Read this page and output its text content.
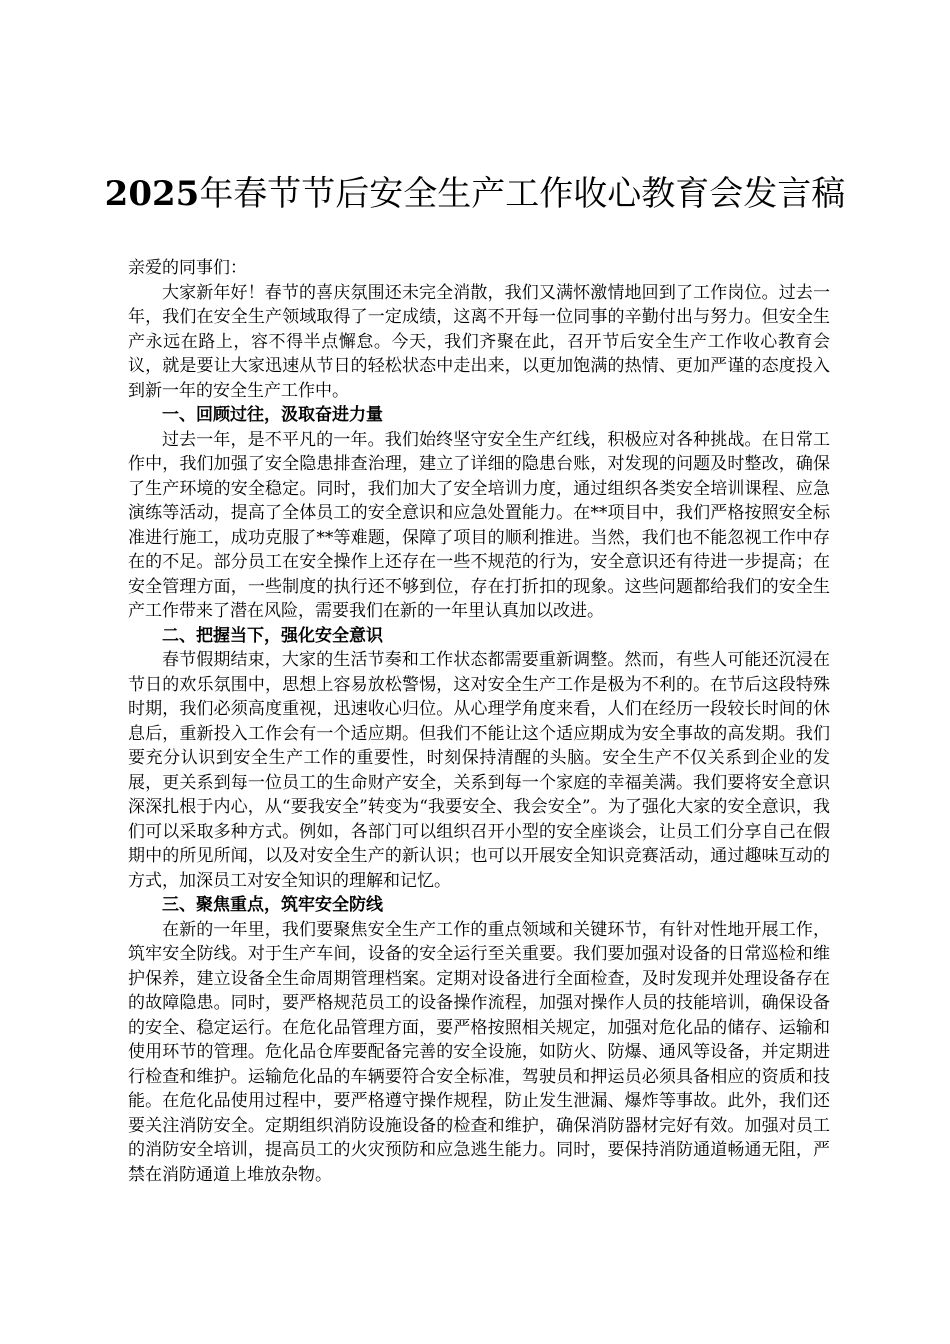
2025年春节节后安全生产工作收心教育会发言稿

亲爱的同事们：

大家新年好！春节的喜庆氛围还未完全消散，我们又满怀激情地回到了工作岗位。过去一年，我们在安全生产领域取得了一定成绩，这离不开每一位同事的辛勤付出与努力。但安全生产永远在路上，容不得半点懈怠。今天，我们齐聚在此，召开节后安全生产工作收心教育会议，就是要让大家迅速从节日的轻松状态中走出来，以更加饱满的热情、更加严谨的态度投入到新一年的安全生产工作中。

一、回顾过往，汲取奋进力量

过去一年，是不平凡的一年。我们始终坚守安全生产红线，积极应对各种挑战。在日常工作中，我们加强了安全隐患排查治理，建立了详细的隐患台账，对发现的问题及时整改，确保了生产环境的安全稳定。同时，我们加大了安全培训力度，通过组织各类安全培训课程、应急演练等活动，提高了全体员工的安全意识和应急处置能力。在**项目中，我们严格按照安全标准进行施工，成功克服了**等难题，保障了项目的顺利推进。当然，我们也不能忽视工作中存在的不足。部分员工在安全操作上还存在一些不规范的行为，安全意识还有待进一步提高；在安全管理方面，一些制度的执行还不够到位，存在打折扣的现象。这些问题都给我们的安全生产工作带来了潜在风险，需要我们在新的一年里认真加以改进。

二、把握当下，强化安全意识

春节假期结束，大家的生活节奏和工作状态都需要重新调整。然而，有些人可能还沉浸在节日的欢乐氛围中，思想上容易放松警惕，这对安全生产工作是极为不利的。在节后这段特殊时期，我们必须高度重视，迅速收心归位。从心理学角度来看，人们在经历一段较长时间的休息后，重新投入工作会有一个适应期。但我们不能让这个适应期成为安全事故的高发期。我们要充分认识到安全生产工作的重要性，时刻保持清醒的头脑。安全生产不仅关系到企业的发展，更关系到每一位员工的生命财产安全，关系到每一个家庭的幸福美满。我们要将安全意识深深扎根于内心，从“要我安全”转变为“我要安全、我会安全”。为了强化大家的安全意识，我们可以采取多种方式。例如，各部门可以组织召开小型的安全座谈会，让员工们分享自己在假期中的所见所闻，以及对安全生产的新认识；也可以开展安全知识竞赛活动，通过趣味互动的方式，加深员工对安全知识的理解和记忆。

三、聚焦重点，筑牢安全防线

在新的一年里，我们要聚焦安全生产工作的重点领域和关键环节，有针对性地开展工作，筑牢安全防线。对于生产车间，设备的安全运行至关重要。我们要加强对设备的日常巡检和维护保养，建立设备全生命周期管理档案。定期对设备进行全面检查，及时发现并处理设备存在的故障隐患。同时，要严格规范员工的设备操作流程，加强对操作人员的技能培训，确保设备的安全、稳定运行。在危化品管理方面，要严格按照相关规定，加强对危化品的储存、运输和使用环节的管理。危化品仓库要配备完善的安全设施，如防火、防爆、通风等设备，并定期进行检查和维护。运输危化品的车辆要符合安全标准，驾驶员和押运员必须具备相应的资质和技能。在危化品使用过程中，要严格遵守操作规程，防止发生泄漏、爆炸等事故。此外，我们还要关注消防安全。定期组织消防设施设备的检查和维护，确保消防器材完好有效。加强对员工的消防安全培训，提高员工的火灾预防和应急逃生能力。同时，要保持消防通道畅通无阻，严禁在消防通道上堆放杂物。
